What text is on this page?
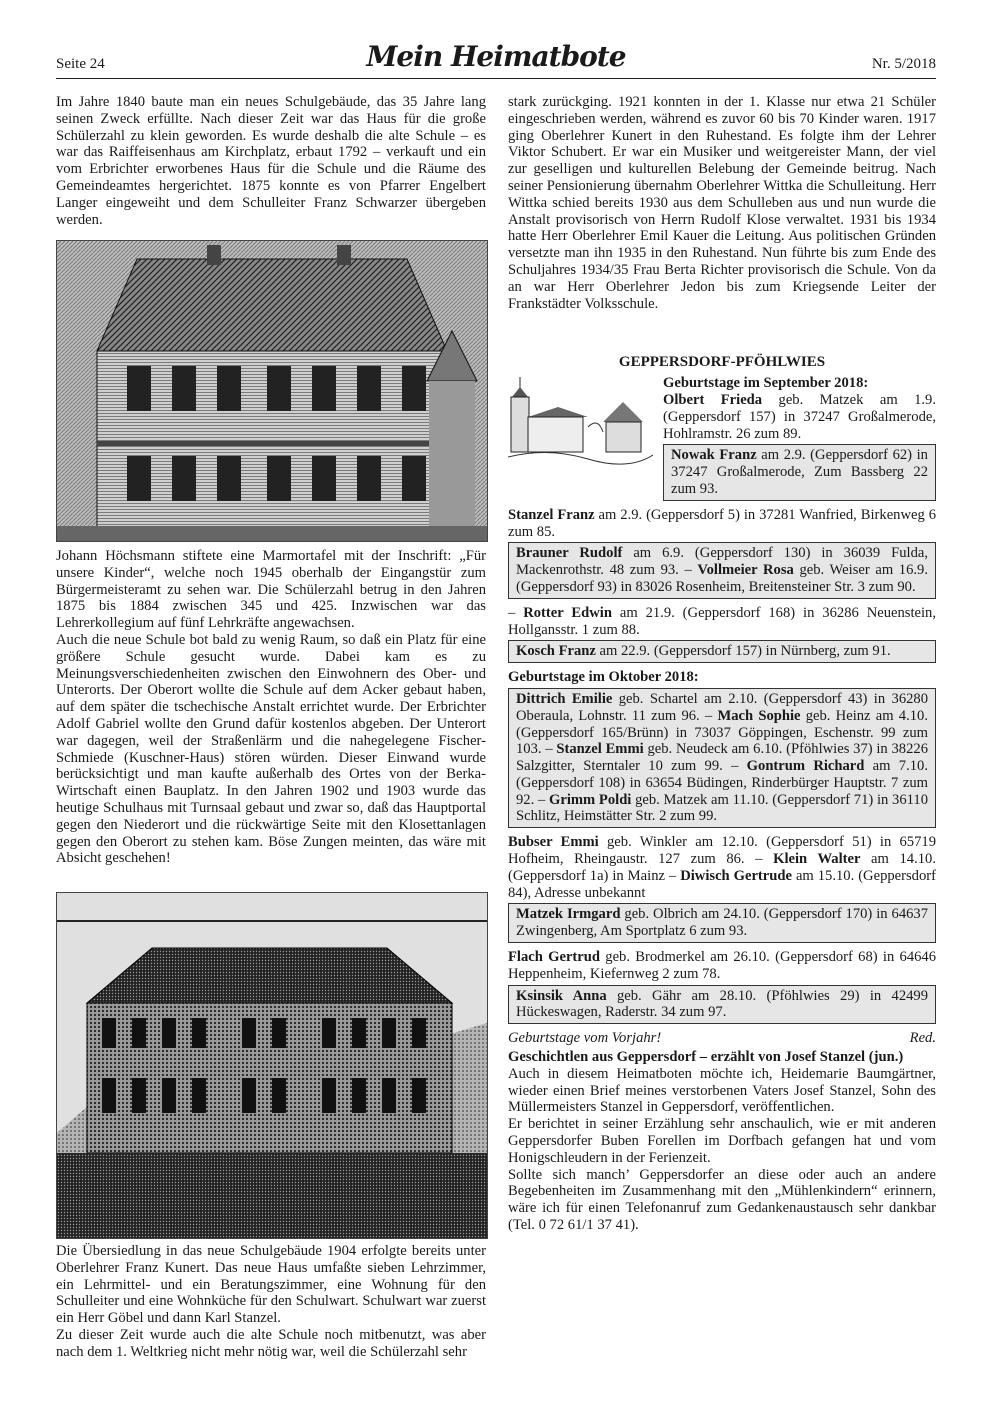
Seite 24	Mein Heimatbote	Nr. 5/2018

Im Jahre 1840 baute man ein neues Schulgebäude, das 35 Jahre lang seinen Zweck erfüllte. Nach dieser Zeit war das Haus für die große Schülerzahl zu klein geworden. Es wurde deshalb die alte Schule – es war das Raiffeisenhaus am Kirchplatz, erbaut 1792 – verkauft und ein vom Erbrichter erworbenes Haus für die Schule und die Räume des Gemeindeamtes hergerichtet. 1875 konnte es von Pfarrer Engelbert Langer eingeweiht und dem Schulleiter Franz Schwarzer übergeben werden.

Johann Höchsmann stiftete eine Marmortafel mit der Inschrift: „Für unsere Kinder“, welche noch 1945 oberhalb der Eingangstür zum Bürgermeisteramt zu sehen war. Die Schülerzahl betrug in den Jahren 1875 bis 1884 zwischen 345 und 425. Inzwischen war das Lehrerkollegium auf fünf Lehrkräfte angewachsen.

Auch die neue Schule bot bald zu wenig Raum, so daß ein Platz für eine größere Schule gesucht wurde. Dabei kam es zu Meinungsverschiedenheiten zwischen den Einwohnern des Ober- und Unterorts. Der Oberort wollte die Schule auf dem Acker gebaut haben, auf dem später die tschechische Anstalt errichtet wurde. Der Erbrichter Adolf Gabriel wollte den Grund dafür kostenlos abgeben. Der Unterort war dagegen, weil der Straßenlärm und die nahegelegene Fischer-Schmiede (Kuschner-Haus) stören würden. Dieser Einwand wurde berücksichtigt und man kaufte außerhalb des Ortes von der Berka-Wirtschaft einen Bauplatz. In den Jahren 1902 und 1903 wurde das heutige Schulhaus mit Turnsaal gebaut und zwar so, daß das Hauptportal gegen den Niederort und die rückwärtige Seite mit den Klosettanlagen gegen den Oberort zu stehen kam. Böse Zungen meinten, das wäre mit Absicht geschehen!

Die Übersiedlung in das neue Schulgebäude 1904 erfolgte bereits unter Oberlehrer Franz Kunert. Das neue Haus umfaßte sieben Lehrzimmer, ein Lehrmittel- und ein Beratungszimmer, eine Wohnung für den Schulleiter und eine Wohnküche für den Schulwart. Schulwart war zuerst ein Herr Göbel und dann Karl Stanzel.

Zu dieser Zeit wurde auch die alte Schule noch mitbenutzt, was aber nach dem 1. Weltkrieg nicht mehr nötig war, weil die Schülerzahl sehr

stark zurückging. 1921 konnten in der 1. Klasse nur etwa 21 Schüler eingeschrieben werden, während es zuvor 60 bis 70 Kinder waren. 1917 ging Oberlehrer Kunert in den Ruhestand. Es folgte ihm der Lehrer Viktor Schubert. Er war ein Musiker und weitgereister Mann, der viel zur geselligen und kulturellen Belebung der Gemeinde beitrug. Nach seiner Pensionierung übernahm Oberlehrer Wittka die Schulleitung. Herr Wittka schied bereits 1930 aus dem Schulleben aus und nun wurde die Anstalt provisorisch von Herrn Rudolf Klose verwaltet. 1931 bis 1934 hatte Herr Oberlehrer Emil Kauer die Leitung. Aus politischen Gründen versetzte man ihn 1935 in den Ruhestand. Nun führte bis zum Ende des Schuljahres 1934/35 Frau Berta Richter provisorisch die Schule. Von da an war Herr Oberlehrer Jedon bis zum Kriegsende Leiter der Frankstädter Volksschule.

GEPPERSDORF-PFÖHLWIES
Geburtstage im September 2018:

Olbert Frieda geb. Matzek am 1.9. (Geppersdorf 157) in 37247 Großalmerode, Hohlramstr. 26 zum 89.

Nowak Franz am 2.9. (Geppersdorf 62) in 37247 Großalmerode, Zum Bassberg 22 zum 93.

Stanzel Franz am 2.9. (Geppersdorf 5) in 37281 Wanfried, Birkenweg 6 zum 85.

Brauner Rudolf am 6.9. (Geppersdorf 130) in 36039 Fulda, Mackenrothstr. 48 zum 93. – Vollmeier Rosa geb. Weiser am 16.9. (Geppersdorf 93) in 83026 Rosenheim, Breitensteiner Str. 3 zum 90.

– Rotter Edwin am 21.9. (Geppersdorf 168) in 36286 Neuenstein, Hollgansstr. 1 zum 88.

Kosch Franz am 22.9. (Geppersdorf 157) in Nürnberg, zum 91.
Geburtstage im Oktober 2018:
Dittrich Emilie geb. Schartel am 2.10. (Geppersdorf 43) in 36280 Oberaula, Lohnstr. 11 zum 96. – Mach Sophie geb. Heinz am 4.10. (Geppersdorf 165/Brünn) in 73037 Göppingen, Eschenstr. 99 zum 103. – Stanzel Emmi geb. Neudeck am 6.10. (Pföhlwies 37) in 38226 Salzgitter, Sterntaler 10 zum 99. – Gontrum Richard am 7.10. (Geppersdorf 108) in 63654 Büdingen, Rinderbürger Hauptstr. 7 zum 92. – Grimm Poldi geb. Matzek am 11.10. (Geppersdorf 71) in 36110 Schlitz, Heimstätter Str. 2 zum 99.

Bubser Emmi geb. Winkler am 12.10. (Geppersdorf 51) in 65719 Hofheim, Rheingaustr. 127 zum 86. – Klein Walter am 14.10. (Geppersdorf 1a) in Mainz – Diwisch Gertrude am 15.10. (Geppersdorf 84), Adresse unbekannt

Matzek Irmgard geb. Olbrich am 24.10. (Geppersdorf 170) in 64637 Zwingenberg, Am Sportplatz 6 zum 93.

Flach Gertrud geb. Brodmerkel am 26.10. (Geppersdorf 68) in 64646 Heppenheim, Kiefernweg 2 zum 78.

Ksinsik Anna geb. Gähr am 28.10. (Pföhlwies 29) in 42499 Hückeswagen, Raderstr. 34 zum 97.
Geburtstage vom Vorjahr!	Red.
Geschichtlen aus Geppersdorf – erzählt von Josef Stanzel (jun.)

Auch in diesem Heimatboten möchte ich, Heidemarie Baumgärtner, wieder einen Brief meines verstorbenen Vaters Josef Stanzel, Sohn des Müllermeisters Stanzel in Geppersdorf, veröffentlichen.

Er berichtet in seiner Erzählung sehr anschaulich, wie er mit anderen Geppersdorfer Buben Forellen im Dorfbach gefangen hat und vom Honigschleudern in der Ferienzeit.

Sollte sich manch’ Geppersdorfer an diese oder auch an andere Begebenheiten im Zusammenhang mit den „Mühlenkindern“ erinnern, wäre ich für einen Telefonanruf zum Gedankenaustausch sehr dankbar (Tel. 0 72 61/1 37 41).
